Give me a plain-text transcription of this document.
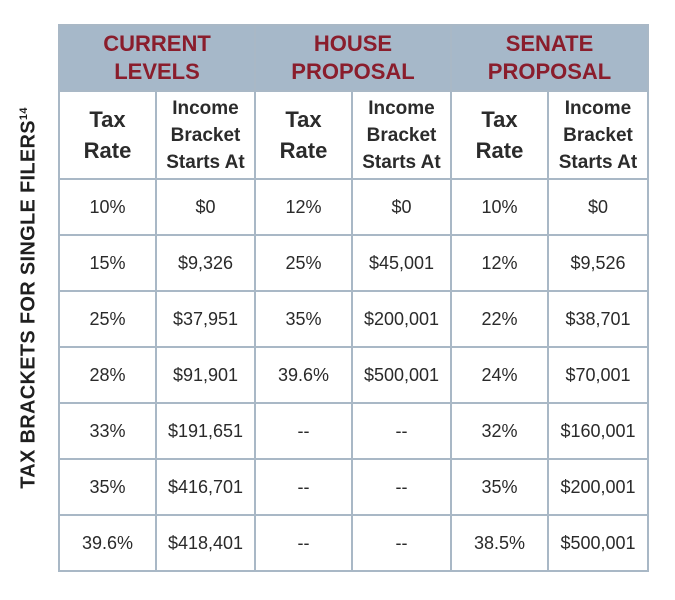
TAX BRACKETS FOR SINGLE FILERS$^{14}$
CURRENT
LEVELS		HOUSE
PROPOSAL		SENATE
PROPOSAL	

Tax
Rate	Income
Bracket
Starts At	Tax
Rate	Income
Bracket
Starts At	Tax
Rate	Income
Bracket
Starts At

10%	$0	12%	$0	10%	$0
15%	$9,326	25%	$45,001	12%	$9,526
25%	$37,951	35%	$200,001	22%	$38,701
28%	$91,901	39.6%	$500,001	24%	$70,001
33%	$191,651	--	--	32%	$160,001
35%	$416,701	--	--	35%	$200,001
39.6%	$418,401	--	--	38.5%	$500,001
